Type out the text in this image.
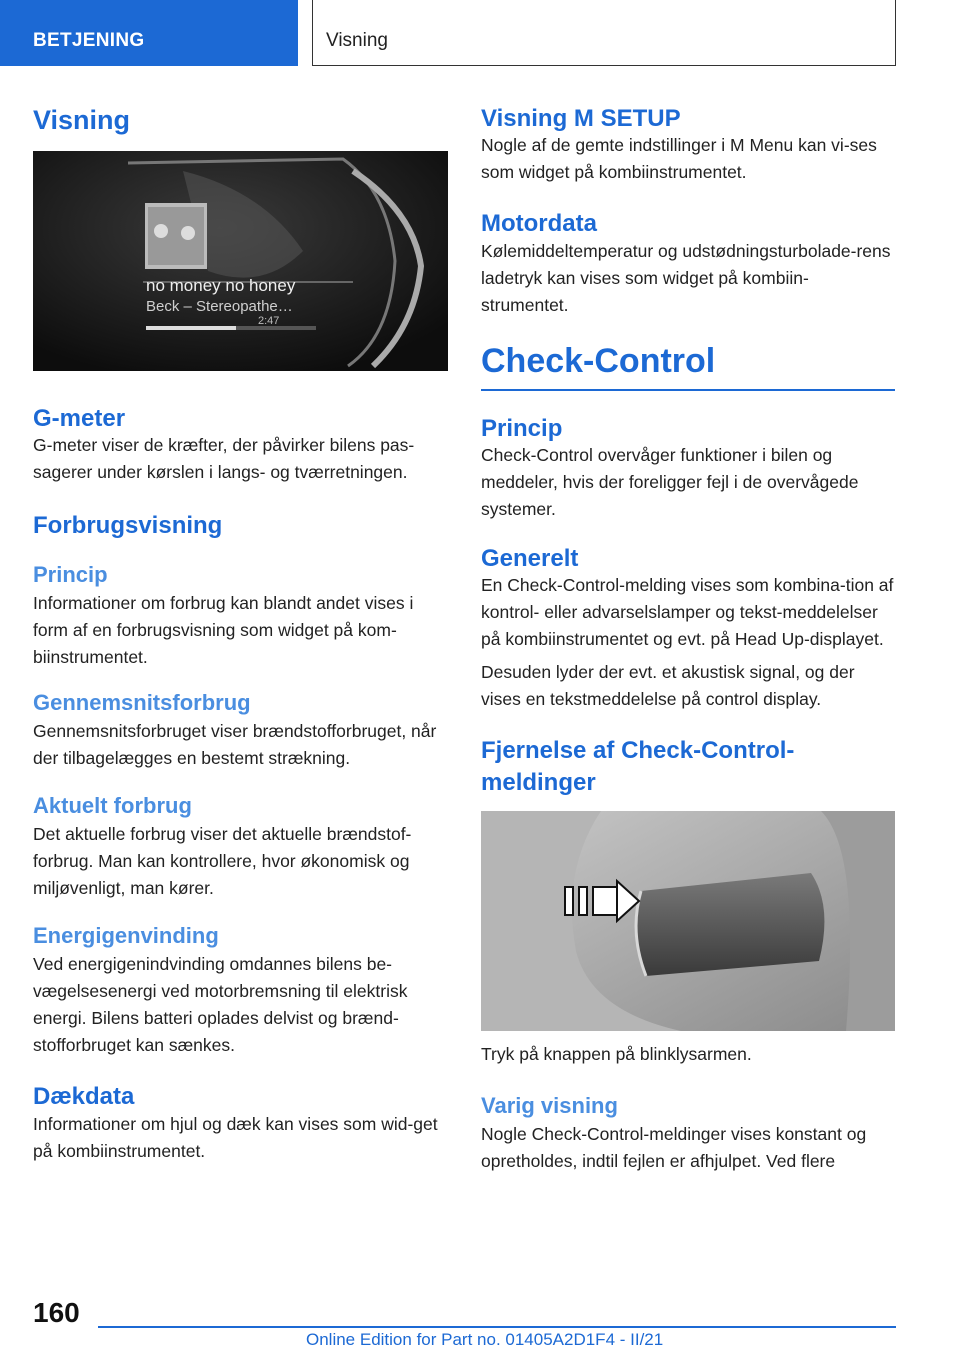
BETJENING	Visning
Visning
no money no honey
Beck – Stereopathe…
2:47
G-meter

G-meter viser de kræfter, der påvirker bilens pas-sagerer under kørslen i langs- og tværretningen.

Forbrugsvisning
Princip

Informationer om forbrug kan blandt andet vises i form af en forbrugsvisning som widget på kom-biinstrumentet.

Gennemsnitsforbrug

Gennemsnitsforbruget viser brændstofforbruget, når der tilbagelægges en bestemt strækning.

Aktuelt forbrug

Det aktuelle forbrug viser det aktuelle brændstof-forbrug. Man kan kontrollere, hvor økonomisk og miljøvenligt, man kører.

Energigenvinding

Ved energigenindvinding omdannes bilens be-vægelsesenergi ved motorbremsning til elektrisk energi. Bilens batteri oplades delvist og brænd-stofforbruget kan sænkes.

Dækdata

Informationer om hjul og dæk kan vises som wid-get på kombiinstrumentet.

Visning M SETUP

Nogle af de gemte indstillinger i M Menu kan vi-ses som widget på kombiinstrumentet.

Motordata

Kølemiddeltemperatur og udstødningsturbolade-rens ladetryk kan vises som widget på kombiin-strumentet.

Check-Control
Princip

Check-Control overvåger funktioner i bilen og meddeler, hvis der foreligger fejl i de overvågede systemer.

Generelt

En Check-Control-melding vises som kombina-tion af kontrol- eller advarselslamper og tekst-meddelelser på kombiinstrumentet og evt. på Head Up-displayet.

Desuden lyder der evt. et akustisk signal, og der vises en tekstmeddelelse på control display.

Fjernelse af Check-Control-meldinger

Tryk på knappen på blinklysarmen.

Varig visning

Nogle Check-Control-meldinger vises konstant og opretholdes, indtil fejlen er afhjulpet. Ved flere

160
Online Edition for Part no. 01405A2D1F4 - II/21
